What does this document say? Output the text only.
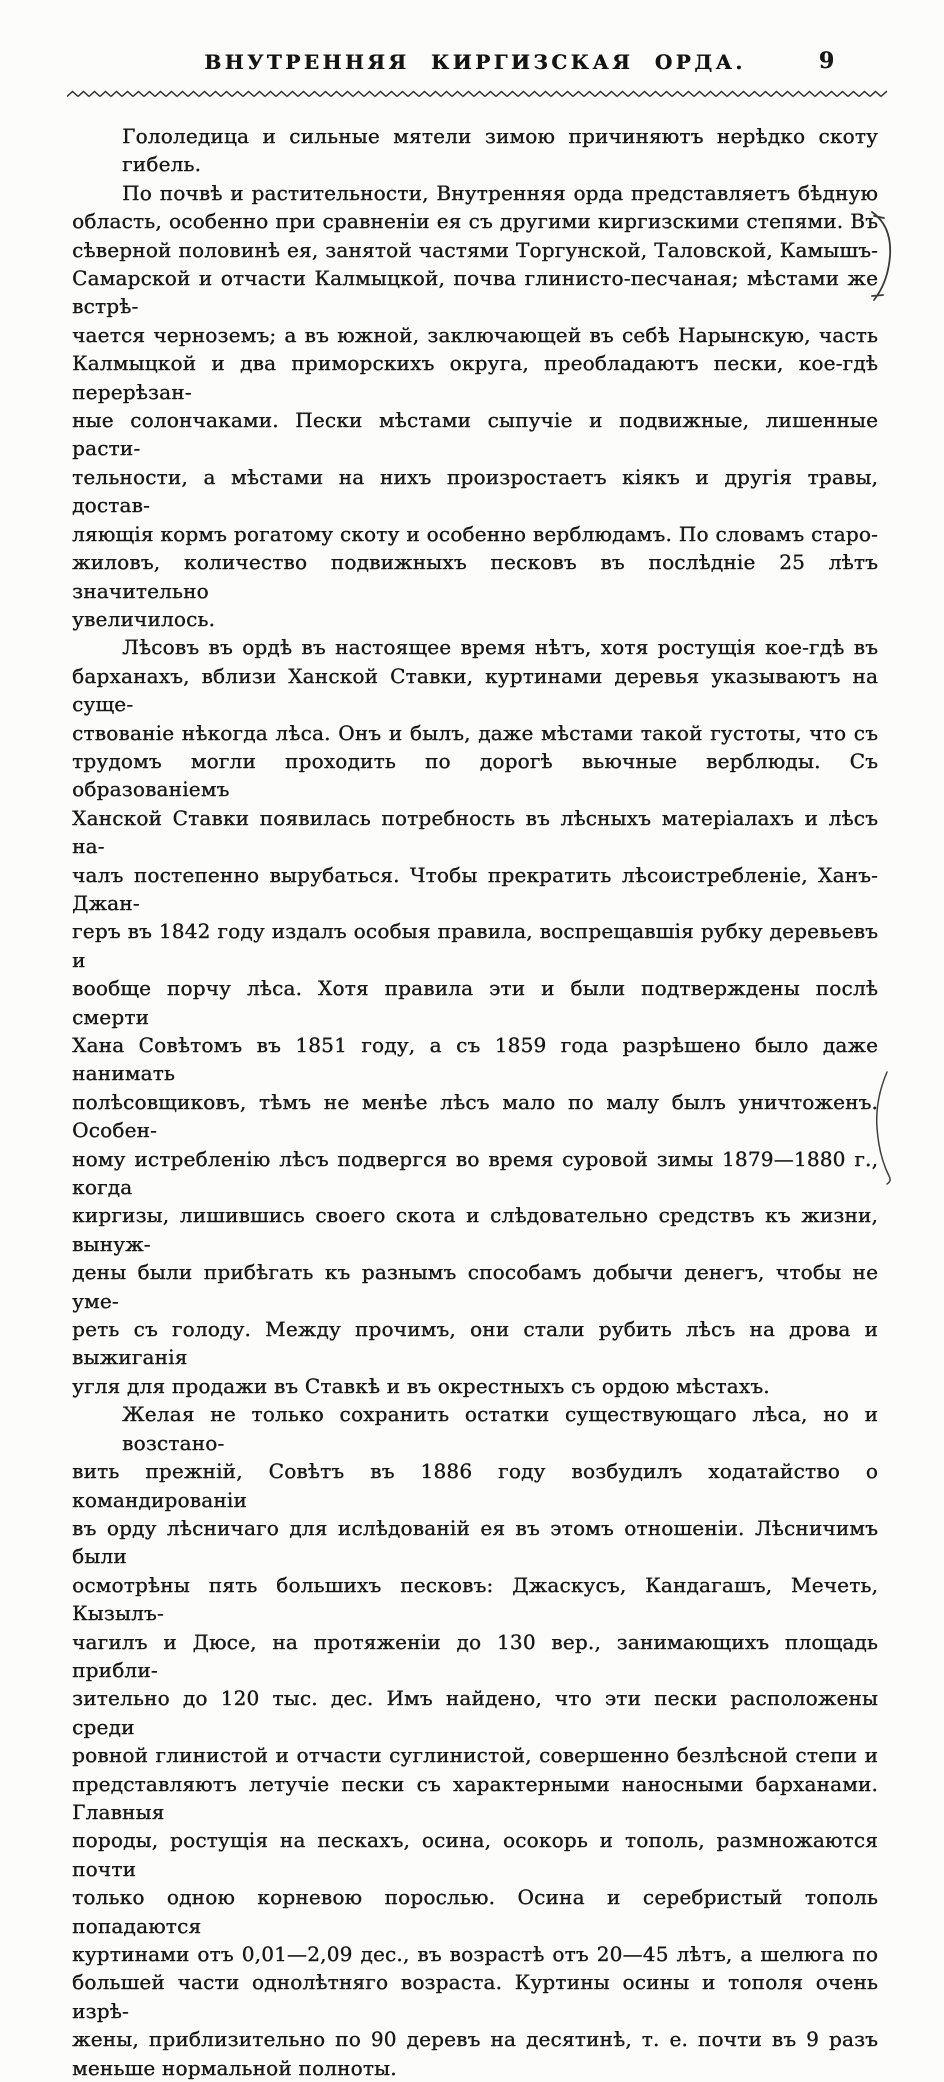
ВНУТРЕННЯЯ КИРГИЗСКАЯ ОРДА.	9
Гололедица и сильные мятели зимою причиняютъ нерѣдко скоту гибель.
По почвѣ и растительности, Внутренняя орда представляетъ бѣдную
область, особенно при сравненіи ея съ другими киргизскими степями. Въ
сѣверной половинѣ ея, занятой частями Торгунской, Таловской, Камышъ-
Самарской и отчасти Калмыцкой, почва глинисто-песчаная; мѣстами же встрѣ-
чается черноземъ; а въ южной, заключающей въ себѣ Нарынскую, часть
Калмыцкой и два приморскихъ округа, преобладаютъ пески, кое-гдѣ перерѣзан-
ные солончаками. Пески мѣстами сыпучіе и подвижные, лишенные расти-
тельности, а мѣстами на нихъ произростаетъ кіякъ и другія травы, достав-
ляющія кормъ рогатому скоту и особенно верблюдамъ. По словамъ старо-
жиловъ, количество подвижныхъ песковъ въ послѣдніе 25 лѣтъ значительно
увеличилось.
Лѣсовъ въ ордѣ въ настоящее время нѣтъ, хотя ростущія кое-гдѣ въ
барханахъ, вблизи Ханской Ставки, куртинами деревья указываютъ на суще-
ствованіе нѣкогда лѣса. Онъ и былъ, даже мѣстами такой густоты, что съ
трудомъ могли проходить по дорогѣ вьючные верблюды. Съ образованіемъ
Ханской Ставки появилась потребность въ лѣсныхъ матеріалахъ и лѣсъ на-
чалъ постепенно вырубаться. Чтобы прекратить лѣсоистребленіе, Ханъ-Джан-
геръ въ 1842 году издалъ особыя правила, воспрещавшія рубку деревьевъ и
вообще порчу лѣса. Хотя правила эти и были подтверждены послѣ смерти
Хана Совѣтомъ въ 1851 году, а съ 1859 года разрѣшено было даже нанимать
полѣсовщиковъ, тѣмъ не менѣе лѣсъ мало по малу былъ уничтоженъ. Особен-
ному истребленію лѣсъ подвергся во время суровой зимы 1879—1880 г., когда
киргизы, лишившись своего скота и слѣдовательно средствъ къ жизни, вынуж-
дены были прибѣгать къ разнымъ способамъ добычи денегъ, чтобы не уме-
реть съ голоду. Между прочимъ, они стали рубить лѣсъ на дрова и выжиганія
угля для продажи въ Ставкѣ и въ окрестныхъ съ ордою мѣстахъ.
Желая не только сохранить остатки существующаго лѣса, но и возстано-
вить прежній, Совѣтъ въ 1886 году возбудилъ ходатайство о командированіи
въ орду лѣсничаго для ислѣдованій ея въ этомъ отношеніи. Лѣсничимъ были
осмотрѣны пять большихъ песковъ: Джаскусъ, Кандагашъ, Мечеть, Кызылъ-
чагилъ и Дюсе, на протяженіи до 130 вер., занимающихъ площадь прибли-
зительно до 120 тыс. дес. Имъ найдено, что эти пески расположены среди
ровной глинистой и отчасти суглинистой, совершенно безлѣсной степи и
представляютъ летучіе пески съ характерными наносными барханами. Главныя
породы, ростущія на пескахъ, осина, осокорь и тополь, размножаются почти
только одною корневою порослью. Осина и серебристый тополь попадаются
куртинами отъ 0,01—2,09 дес., въ возрастѣ отъ 20—45 лѣтъ, а шелюга по
большей части однолѣтняго возраста. Куртины осины и тополя очень изрѣ-
жены, приблизительно по 90 деревъ на десятинѣ, т. е. почти въ 9 разъ
меньше нормальной полноты.
